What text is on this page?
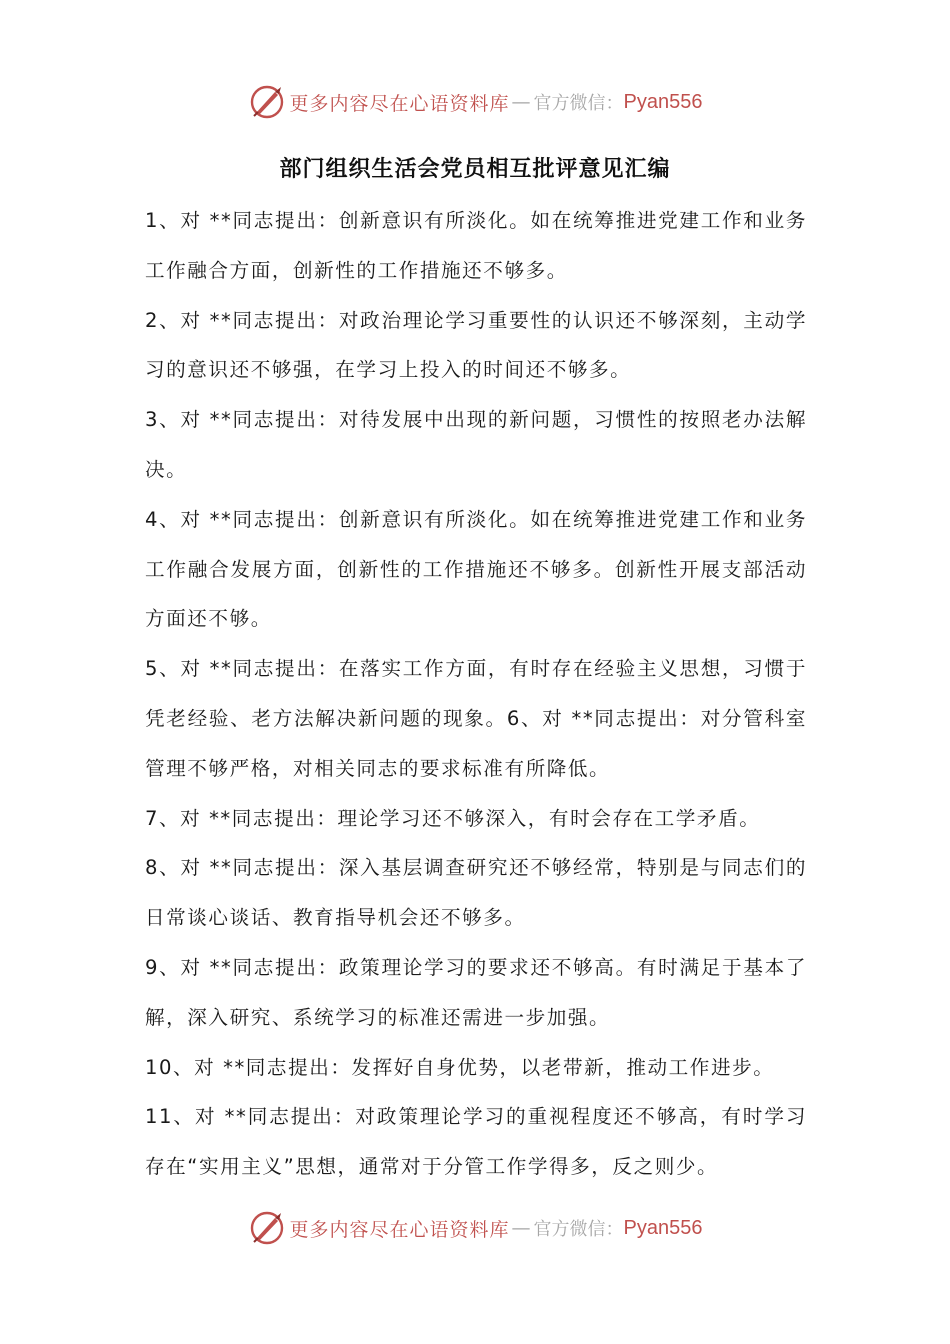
更多内容尽在心语资料库 — 官方微信： Pyan556
部门组织生活会党员相互批评意见汇编

1、对 **同志提出：创新意识有所淡化。如在统筹推进党建工作和业务工作融合方面，创新性的工作措施还不够多。

2、对 **同志提出：对政治理论学习重要性的认识还不够深刻，主动学习的意识还不够强，在学习上投入的时间还不够多。

3、对 **同志提出：对待发展中出现的新问题，习惯性的按照老办法解决。

4、对 **同志提出：创新意识有所淡化。如在统筹推进党建工作和业务工作融合发展方面，创新性的工作措施还不够多。创新性开展支部活动方面还不够。

5、对 **同志提出：在落实工作方面，有时存在经验主义思想，习惯于凭老经验、老方法解决新问题的现象。6、对 **同志提出：对分管科室管理不够严格，对相关同志的要求标准有所降低。

7、对 **同志提出：理论学习还不够深入，有时会存在工学矛盾。

8、对 **同志提出：深入基层调查研究还不够经常，特别是与同志们的日常谈心谈话、教育指导机会还不够多。

9、对 **同志提出：政策理论学习的要求还不够高。有时满足于基本了解，深入研究、系统学习的标准还需进一步加强。

10、对 **同志提出：发挥好自身优势，以老带新，推动工作进步。

11、对 **同志提出：对政策理论学习的重视程度还不够高，有时学习存在“实用主义”思想，通常对于分管工作学得多，反之则少。

更多内容尽在心语资料库 — 官方微信： Pyan556
